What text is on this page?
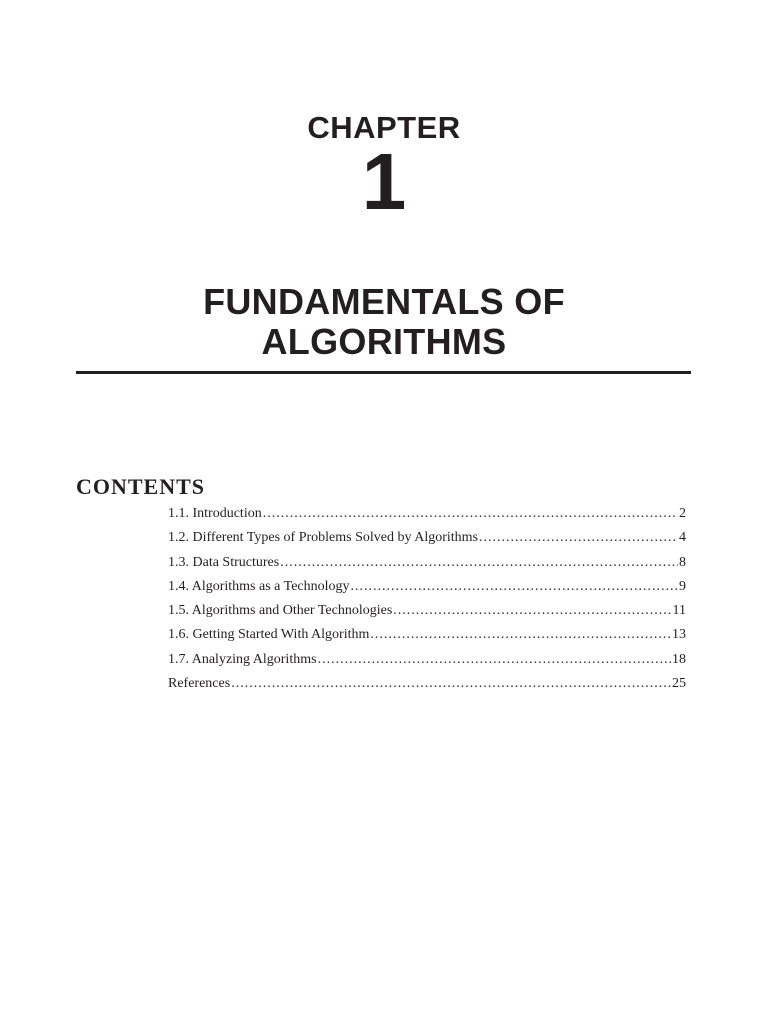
CHAPTER
1
FUNDAMENTALS OF
ALGORITHMS
CONTENTS
1.1. Introduction .....	2
1.2. Different Types of Problems Solved by Algorithms .....	4
1.3. Data Structures .....	8
1.4. Algorithms as a Technology .....	9
1.5. Algorithms and Other Technologies .....	11
1.6. Getting Started With Algorithm .....	13
1.7. Analyzing Algorithms .....	18
References .....	25
